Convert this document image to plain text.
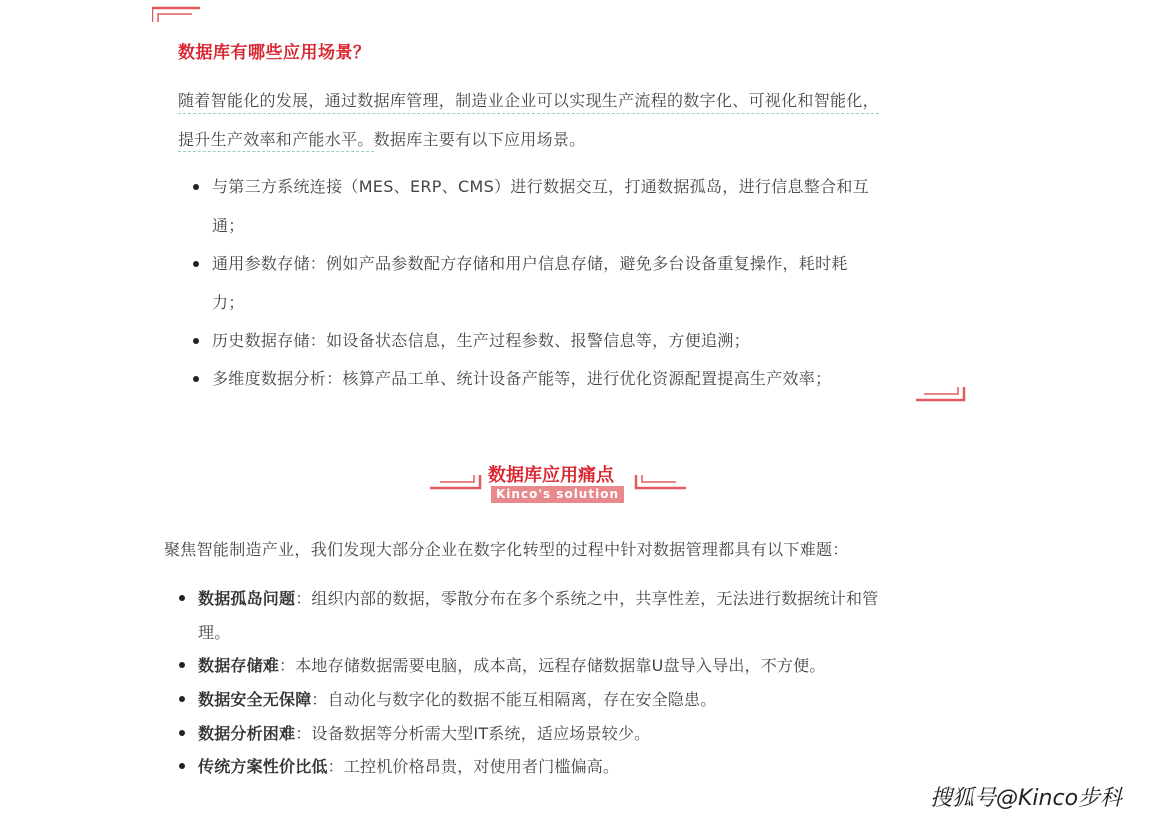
数据库有哪些应用场景？
随着智能化的发展，通过数据库管理，制造业企业可以实现生产流程的数字化、可视化和智能化，
提升生产效率和产能水平。数据库主要有以下应用场景。
与第三方系统连接（MES、ERP、CMS）进行数据交互，打通数据孤岛，进行信息整合和互
通；
通用参数存储：例如产品参数配方存储和用户信息存储，避免多台设备重复操作，耗时耗
力；
历史数据存储：如设备状态信息，生产过程参数、报警信息等，方便追溯；
多维度数据分析：核算产品工单、统计设备产能等，进行优化资源配置提高生产效率；
数据库应用痛点
Kinco's solution
聚焦智能制造产业，我们发现大部分企业在数字化转型的过程中针对数据管理都具有以下难题：
数据孤岛问题：组织内部的数据，零散分布在多个系统之中，共享性差，无法进行数据统计和管
理。
数据存储难：本地存储数据需要电脑，成本高，远程存储数据靠U盘导入导出，不方便。
数据安全无保障：自动化与数字化的数据不能互相隔离，存在安全隐患。
数据分析困难：设备数据等分析需大型IT系统，适应场景较少。
传统方案性价比低：工控机价格昂贵，对使用者门槛偏高。
搜狐号@Kinco步科
